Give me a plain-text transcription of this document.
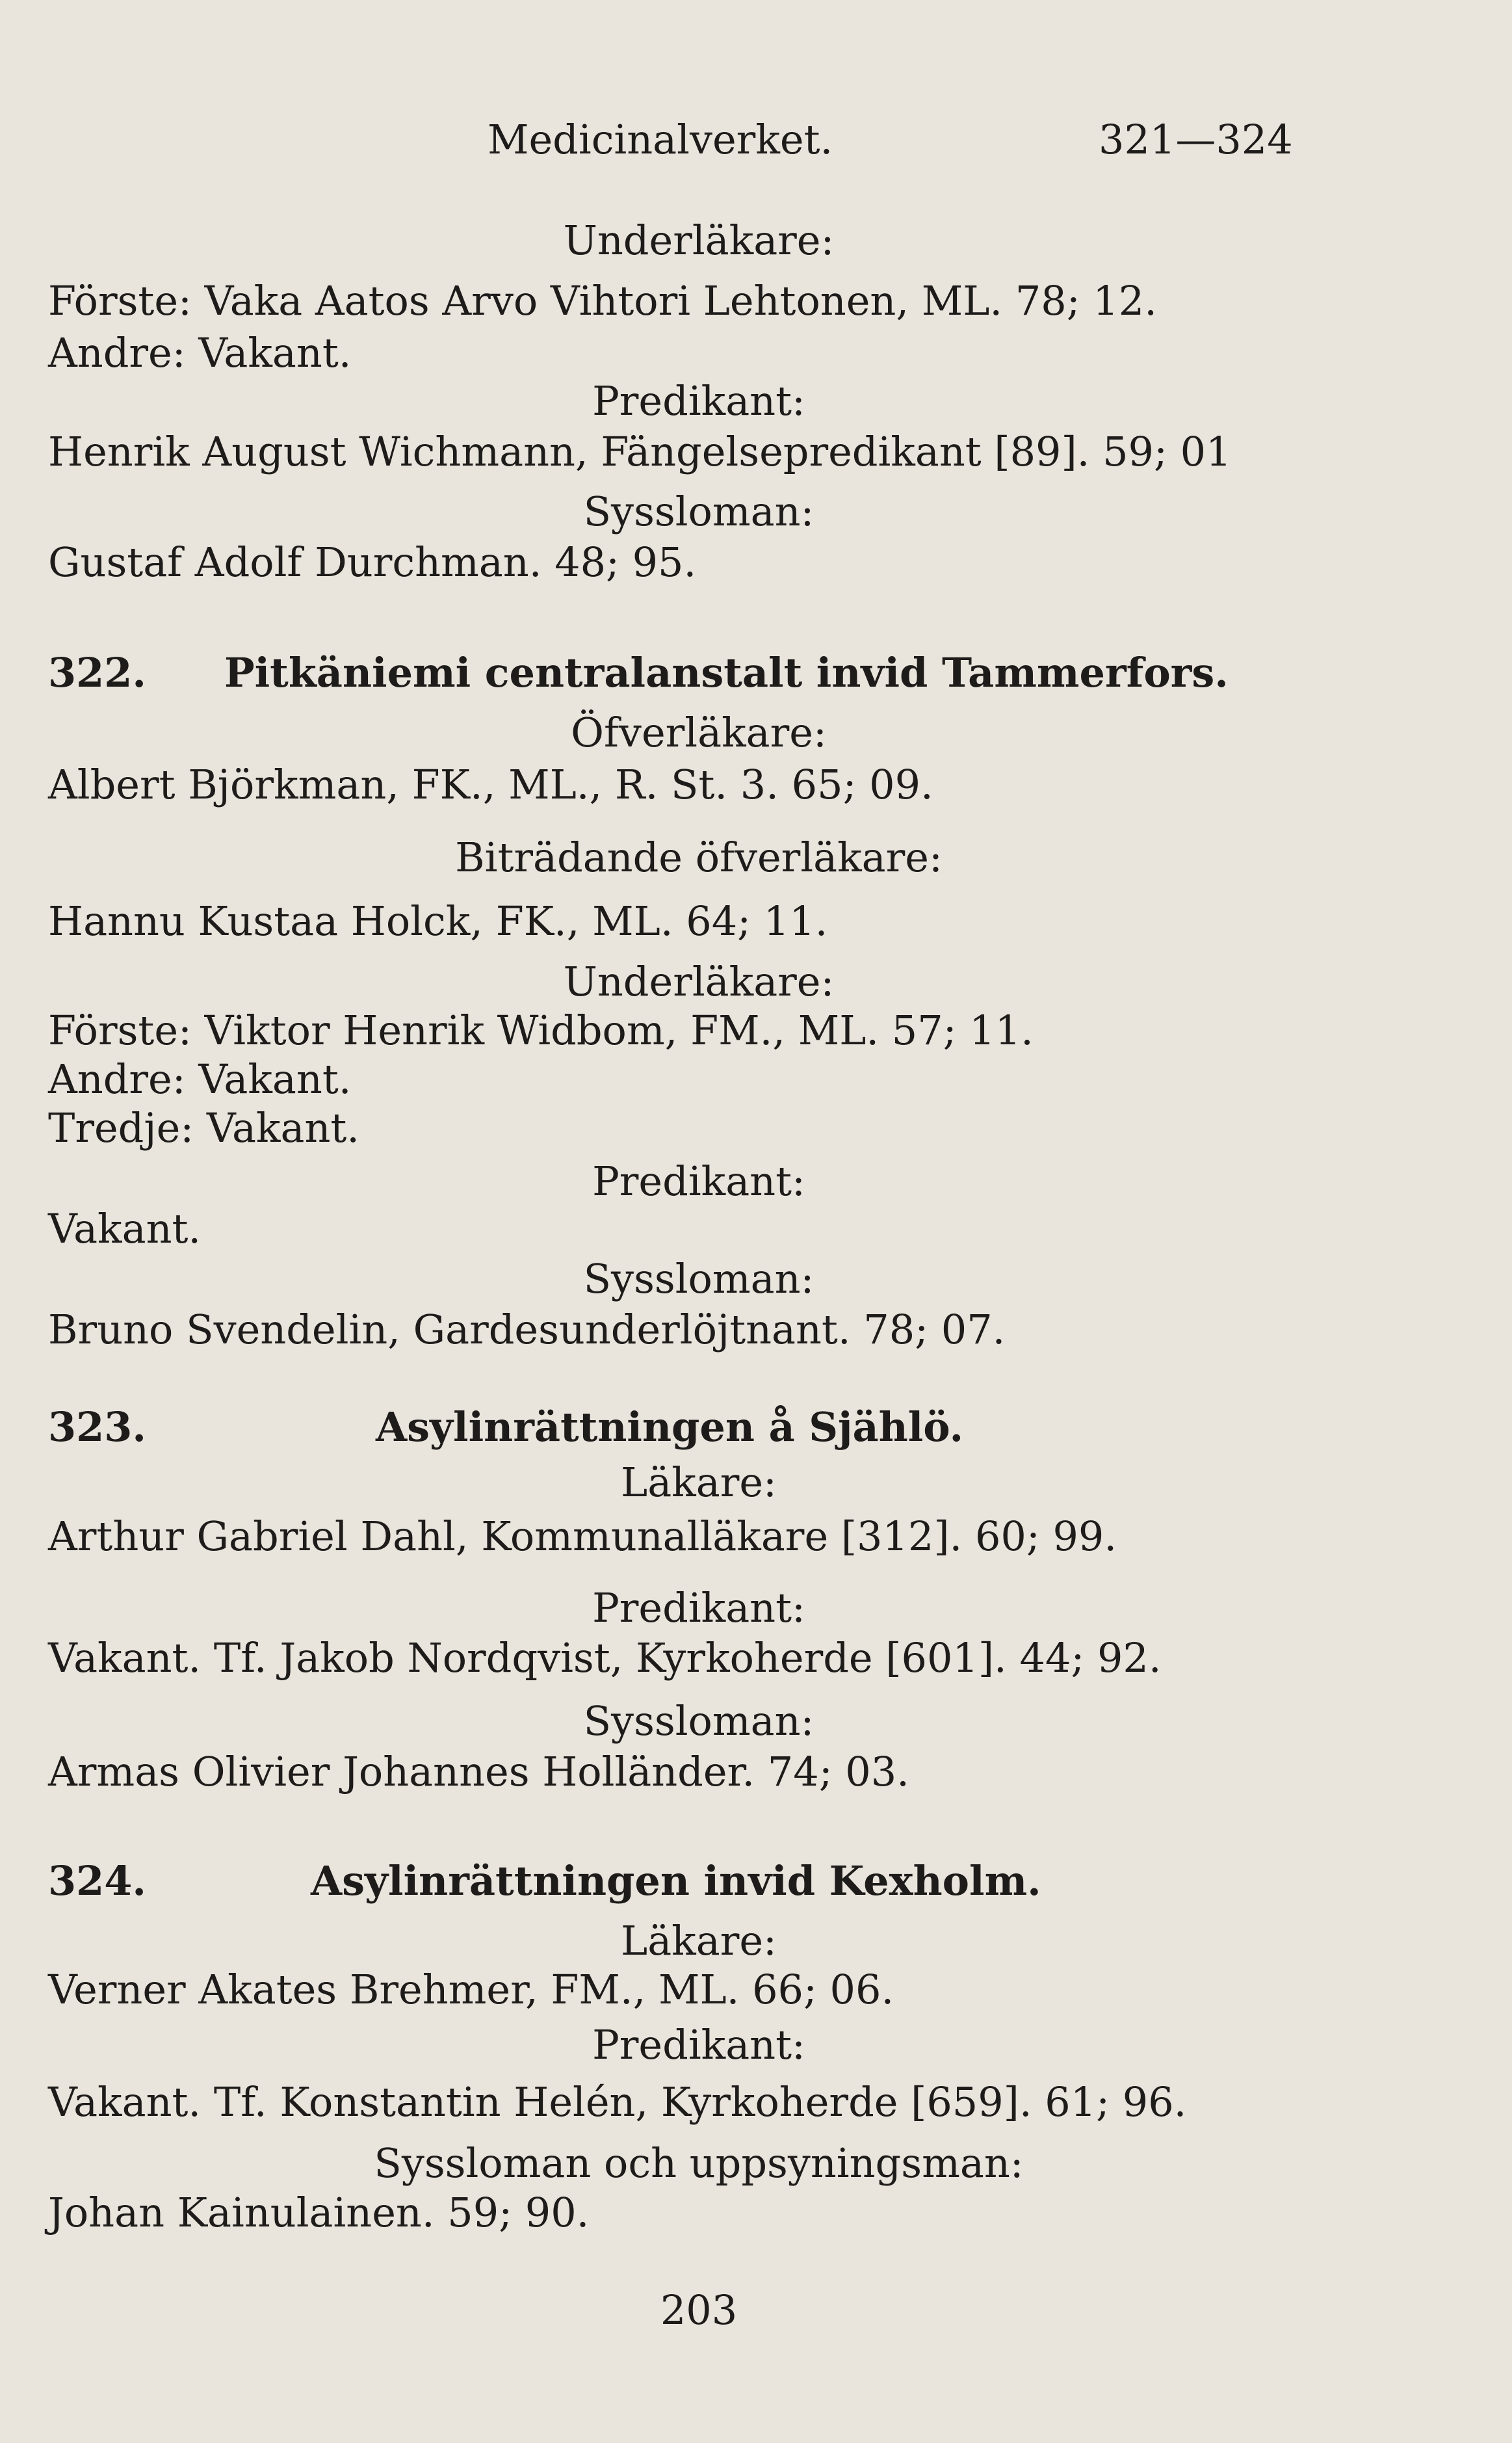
Medicinalverket.	321—324
Underläkare:
Förste: Vaka Aatos Arvo Vihtori Lehtonen, ML. 78; 12.
Andre: Vakant.
Predikant:
Henrik August Wichmann, Fängelsepredikant [89]. 59; 01
Syssloman:
Gustaf Adolf Durchman. 48; 95.
322. Pitkäniemi centralanstalt invid Tammerfors.
Öfverläkare:
Albert Björkman, FK., ML., R. St. 3. 65; 09.
Biträdande öfverläkare:
Hannu Kustaa Holck, FK., ML. 64; 11.
Underläkare:
Förste: Viktor Henrik Widbom, FM., ML. 57; 11.
Andre: Vakant.
Tredje: Vakant.
Predikant:
Vakant.
Syssloman:
Bruno Svendelin, Gardesunderlöjtnant. 78; 07.
323.	Asylinrättningen å Sjählö.
Läkare:
Arthur Gabriel Dahl, Kommunalläkare [312]. 60; 99.
Predikant:
Vakant. Tf. Jakob Nordqvist, Kyrkoherde [601]. 44; 92.
Syssloman:
Armas Olivier Johannes Holländer. 74; 03.
324.	Asylinrättningen invid Kexholm.
Läkare:
Verner Akates Brehmer, FM., ML. 66; 06.
Predikant:
Vakant. Tf. Konstantin Helén, Kyrkoherde [659]. 61; 96.
Syssloman och uppsyningsman:
Johan Kainulainen. 59; 90.
203
